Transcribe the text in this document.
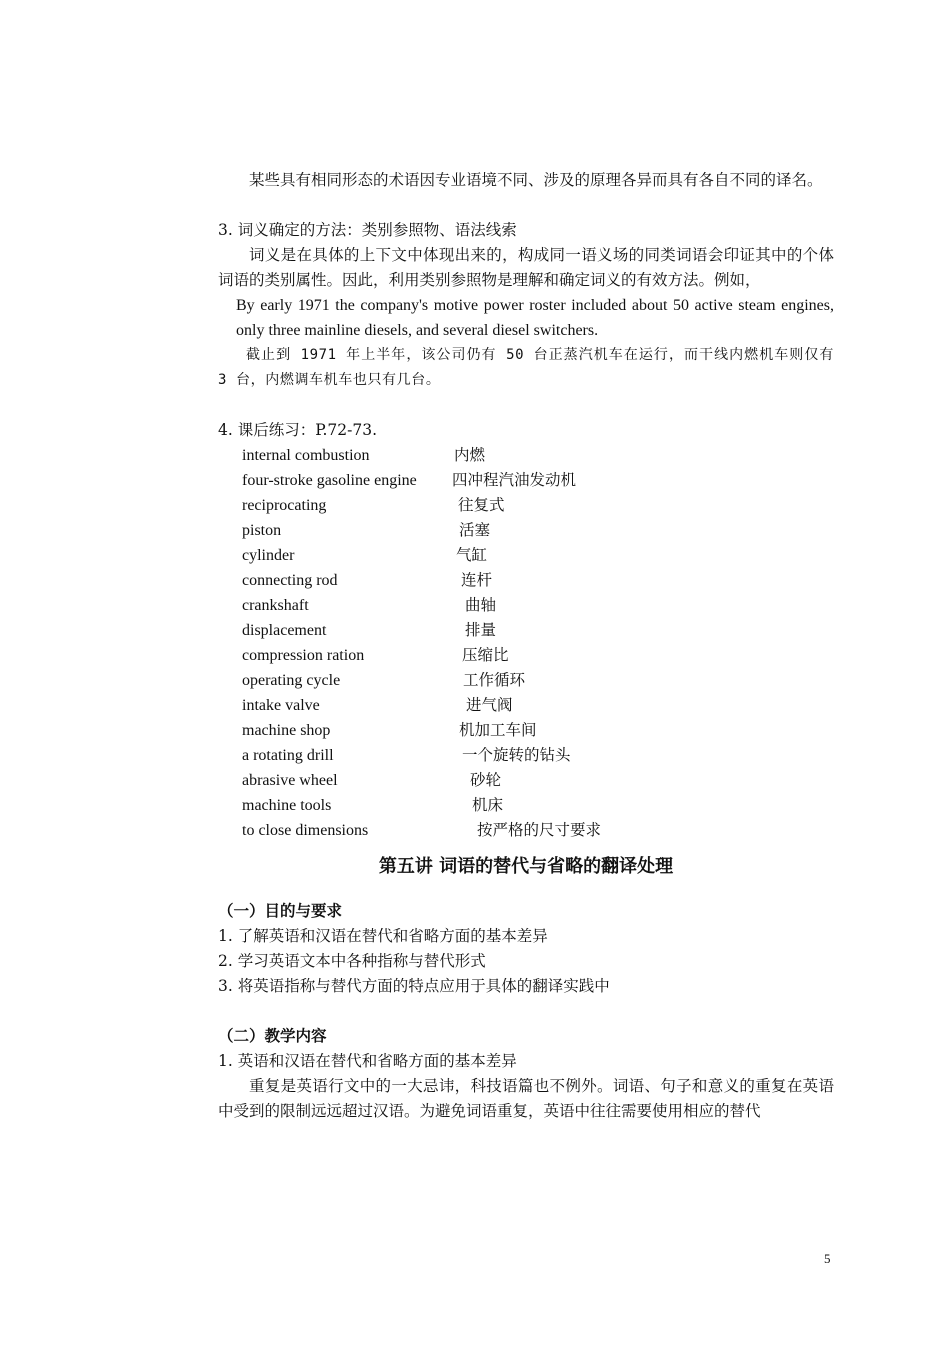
某些具有相同形态的术语因专业语境不同、涉及的原理各异而具有各自不同的译名。

3. 词义确定的方法：类别参照物、语法线索

词义是在具体的上下文中体现出来的，构成同一语义场的同类词语会印证其中的个体词语的类别属性。因此，利用类别参照物是理解和确定词义的有效方法。例如，

By early 1971 the company's motive power roster included about 50 active steam engines, only three mainline diesels, and several diesel switchers.

截止到 1971 年上半年，该公司仍有 50 台正蒸汽机车在运行，而干线内燃机车则仅有 3 台，内燃调车机车也只有几台。

4. 课后练习：P.72-73.

internal combustion	内燃
four-stroke gasoline engine 四冲程汽油发动机
reciprocating	往复式
piston	活塞
cylinder	气缸
connecting rod	连杆
crankshaft	曲轴
displacement	排量
compression ration	压缩比
operating cycle	工作循环
intake valve	进气阀
machine shop	机加工车间
a rotating drill	一个旋转的钻头
abrasive wheel	砂轮
machine tools	机床
to close dimensions	按严格的尺寸要求
第五讲 词语的替代与省略的翻译处理

（一）目的与要求

1. 了解英语和汉语在替代和省略方面的基本差异

2. 学习英语文本中各种指称与替代形式

3. 将英语指称与替代方面的特点应用于具体的翻译实践中

（二）教学内容

1. 英语和汉语在替代和省略方面的基本差异

重复是英语行文中的一大忌讳，科技语篇也不例外。词语、句子和意义的重复在英语中受到的限制远远超过汉语。为避免词语重复，英语中往往需要使用相应的替代

5
